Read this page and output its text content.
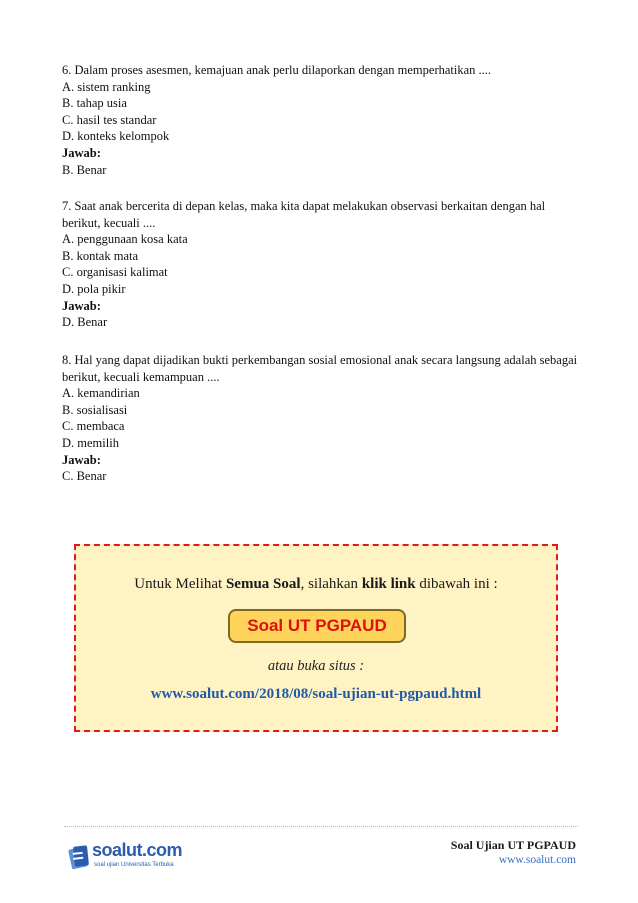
6. Dalam proses asesmen, kemajuan anak perlu dilaporkan dengan memperhatikan ....

A. sistem ranking

B. tahap usia

C. hasil tes standar

D. konteks kelompok

Jawab:

B. Benar

7. Saat anak bercerita di depan kelas, maka kita dapat melakukan observasi berkaitan dengan hal berikut, kecuali ....

A. penggunaan kosa kata

B. kontak mata

C. organisasi kalimat

D. pola pikir

Jawab:

D. Benar

8. Hal yang dapat dijadikan bukti perkembangan sosial emosional anak secara langsung adalah sebagai berikut, kecuali kemampuan ....

A. kemandirian

B. sosialisasi

C. membaca

D. memilih

Jawab:

C. Benar

Untuk Melihat Semua Soal, silahkan klik link dibawah ini :
Soal UT PGPAUD
atau buka situs :
www.soalut.com/2018/08/soal-ujian-ut-pgpaud.html
soalut.com
soal ujian Universitas Terbuka
Soal Ujian UT PGPAUD
www.soalut.com
